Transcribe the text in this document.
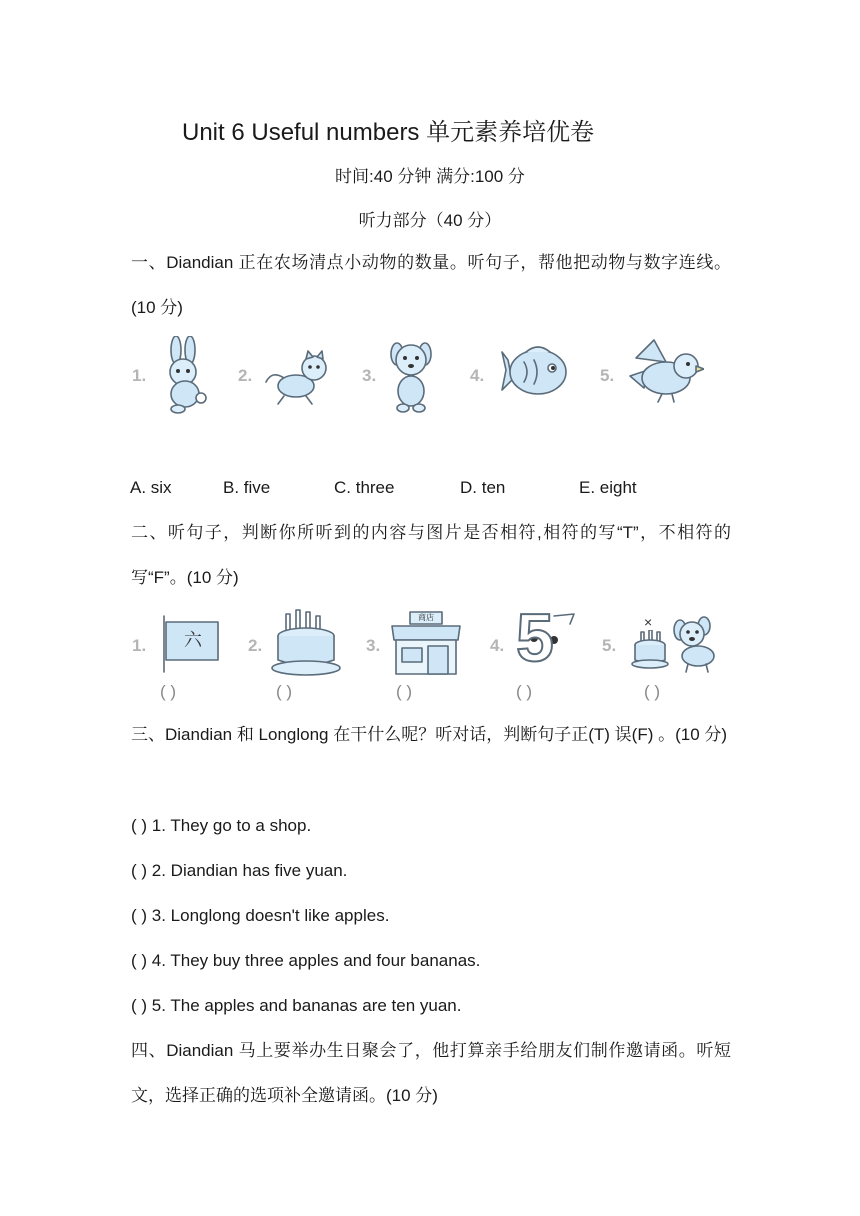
Unit 6 Useful numbers 单元素养培优卷
时间:40 分钟 满分:100 分
听力部分（40 分）
一、Diandian 正在农场清点小动物的数量。听句子，帮他把动物与数字连线。(10 分)
1.	2.	3.	4.	5.
A. six	B. five	C. three	D. ten	E. eight
二、听句子，判断你所听到的内容与图片是否相符,相符的写“T”，不相符的写“F”。(10 分)
1. 六
( )
2.
( )
3.
商店
( )
4. 5
( )
5.
×
( )
三、Diandian 和 Longlong 在干什么呢？听对话，判断句子正(T) 误(F) 。(10 分)
( ) 1. They go to a shop.
( ) 2. Diandian has five yuan.
( ) 3. Longlong doesn't like apples.
( ) 4. They buy three apples and four bananas.
( ) 5. The apples and bananas are ten yuan.
四、Diandian 马上要举办生日聚会了，他打算亲手给朋友们制作邀请函。听短文，选择正确的选项补全邀请函。(10 分)
